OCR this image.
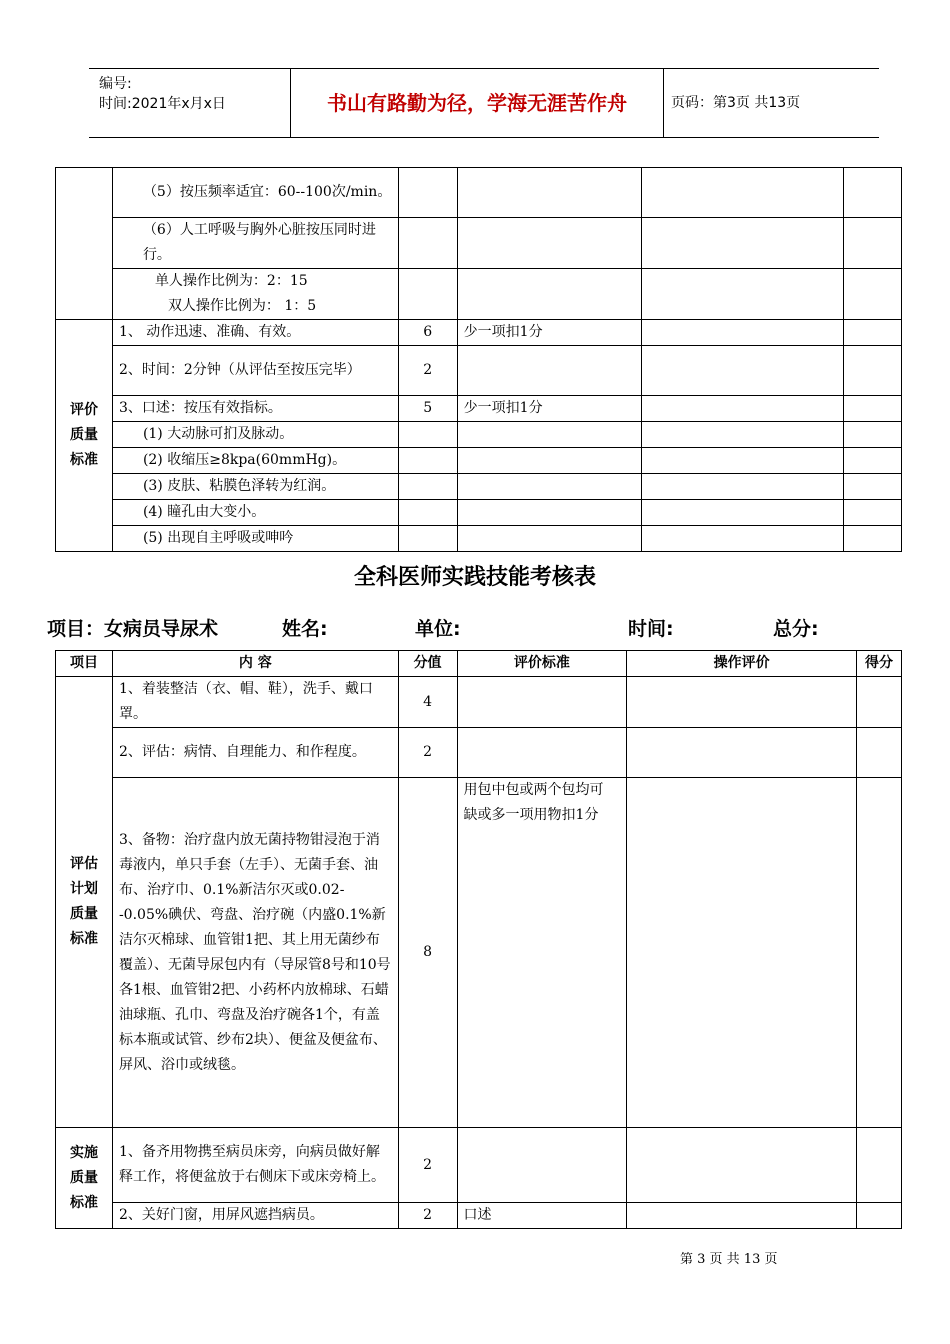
编号:
时间:2021年x月x日	书山有路勤为径，学海无涯苦作舟	页码：第3页 共13页
	（5）按压频率适宜：60--100次/min。				
	（6）人工呼吸与胸外心脏按压同时进行。				
	单人操作比例为：2：15				
	双人操作比例为： 1：5				
评价
质量
标准	1、 动作迅速、准确、有效。	6	少一项扣1分		
	2、时间：2分钟（从评估至按压完毕）	2			
	3、口述：按压有效指标。	5	少一项扣1分		
	(1) 大动脉可扪及脉动。				
	(2) 收缩压≥8kpa(60mmHg)。				
	(3) 皮肤、粘膜色泽转为红润。				
	(4) 瞳孔由大变小。				
	(5) 出现自主呼吸或呻吟				
全科医师实践技能考核表
项目：女病员导尿术	姓名:	单位:	时间:	总分:
项目	内 容	分值	评价标准	操作评价	得分
评估
计划
质量
标准	1、着装整洁（衣、帽、鞋），洗手、戴口罩。	4			
	2、评估：病情、自理能力、和作程度。	2			
	3、备物：治疗盘内放无菌持物钳浸泡于消毒液内，单只手套（左手）、无菌手套、油布、治疗巾、0.1%新洁尔灭或0.02--0.05%碘伏、弯盘、治疗碗（内盛0.1%新洁尔灭棉球、血管钳1把、其上用无菌纱布覆盖）、无菌导尿包内有（导尿管8号和10号各1根、血管钳2把、小药杯内放棉球、石蜡油球瓶、孔巾、弯盘及治疗碗各1个，有盖标本瓶或试管、纱布2块）、便盆及便盆布、屏风、浴巾或绒毯。	8	用包中包或两个包均可
缺或多一项用物扣1分		
实施
质量
标准	1、备齐用物携至病员床旁，向病员做好解释工作，将便盆放于右侧床下或床旁椅上。	2			
	2、关好门窗，用屏风遮挡病员。	2	口述		
第 3 页 共 13 页
